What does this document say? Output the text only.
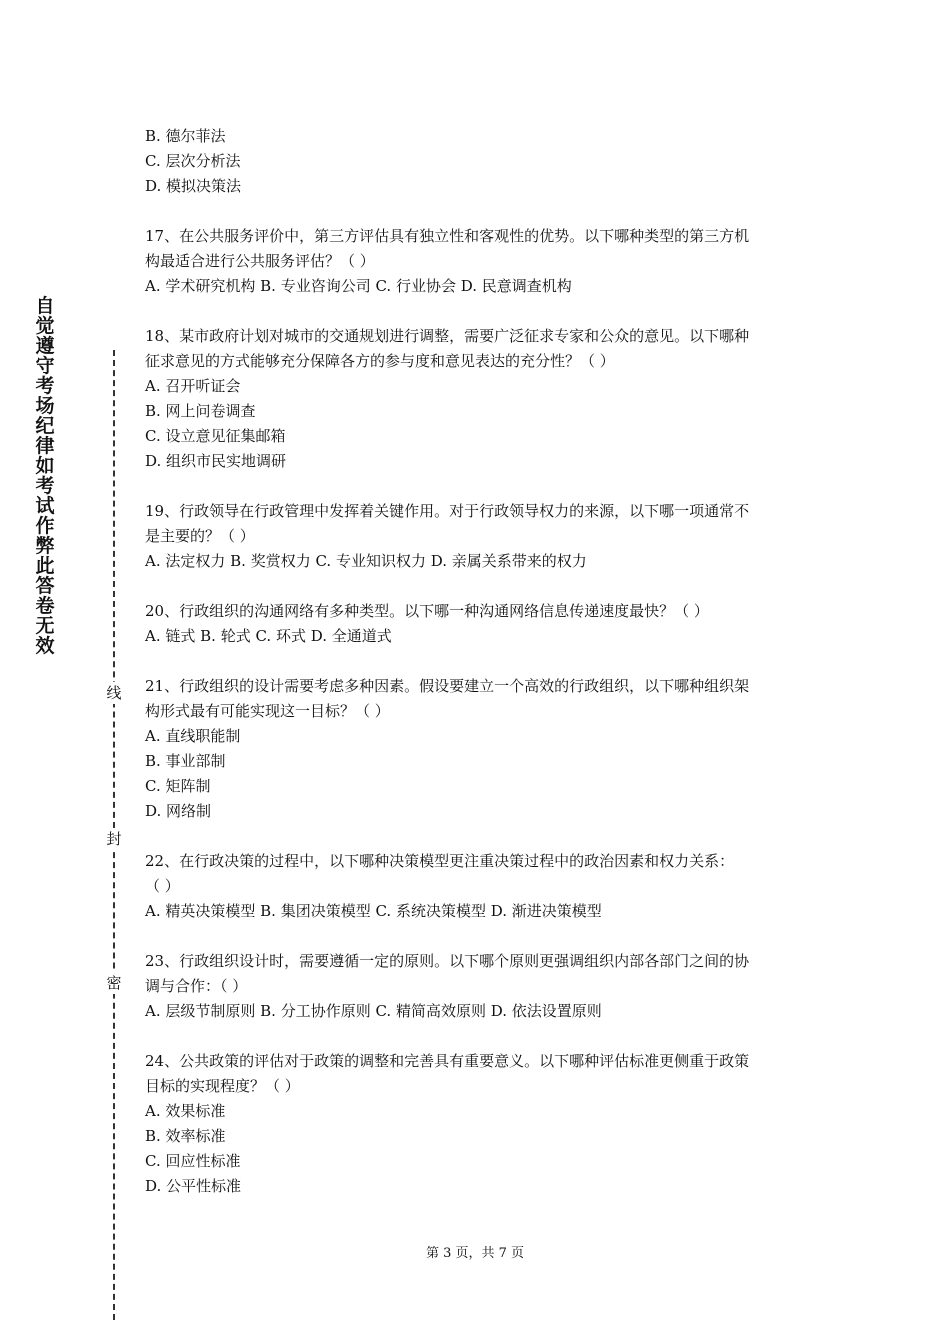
自觉遵守考场纪律如考试作弊此答卷无效
线
封
密
B. 德尔菲法
C. 层次分析法
D. 模拟决策法
17、在公共服务评价中，第三方评估具有独立性和客观性的优势。以下哪种类型的第三方机
构最适合进行公共服务评估？（ ）
A. 学术研究机构 B. 专业咨询公司 C. 行业协会 D. 民意调查机构
18、某市政府计划对城市的交通规划进行调整，需要广泛征求专家和公众的意见。以下哪种
征求意见的方式能够充分保障各方的参与度和意见表达的充分性？（ ）
A. 召开听证会
B. 网上问卷调查
C. 设立意见征集邮箱
D. 组织市民实地调研
19、行政领导在行政管理中发挥着关键作用。对于行政领导权力的来源，以下哪一项通常不
是主要的？（ ）
A. 法定权力 B. 奖赏权力 C. 专业知识权力 D. 亲属关系带来的权力
20、行政组织的沟通网络有多种类型。以下哪一种沟通网络信息传递速度最快？（ ）
A. 链式 B. 轮式 C. 环式 D. 全通道式
21、行政组织的设计需要考虑多种因素。假设要建立一个高效的行政组织，以下哪种组织架
构形式最有可能实现这一目标？（ ）
A. 直线职能制
B. 事业部制
C. 矩阵制
D. 网络制
22、在行政决策的过程中，以下哪种决策模型更注重决策过程中的政治因素和权力关系：
（ ）
A. 精英决策模型 B. 集团决策模型 C. 系统决策模型 D. 渐进决策模型
23、行政组织设计时，需要遵循一定的原则。以下哪个原则更强调组织内部各部门之间的协
调与合作：（ ）
A. 层级节制原则 B. 分工协作原则 C. 精简高效原则 D. 依法设置原则
24、公共政策的评估对于政策的调整和完善具有重要意义。以下哪种评估标准更侧重于政策
目标的实现程度？（ ）
A. 效果标准
B. 效率标准
C. 回应性标准
D. 公平性标准
第 3 页，共 7 页
